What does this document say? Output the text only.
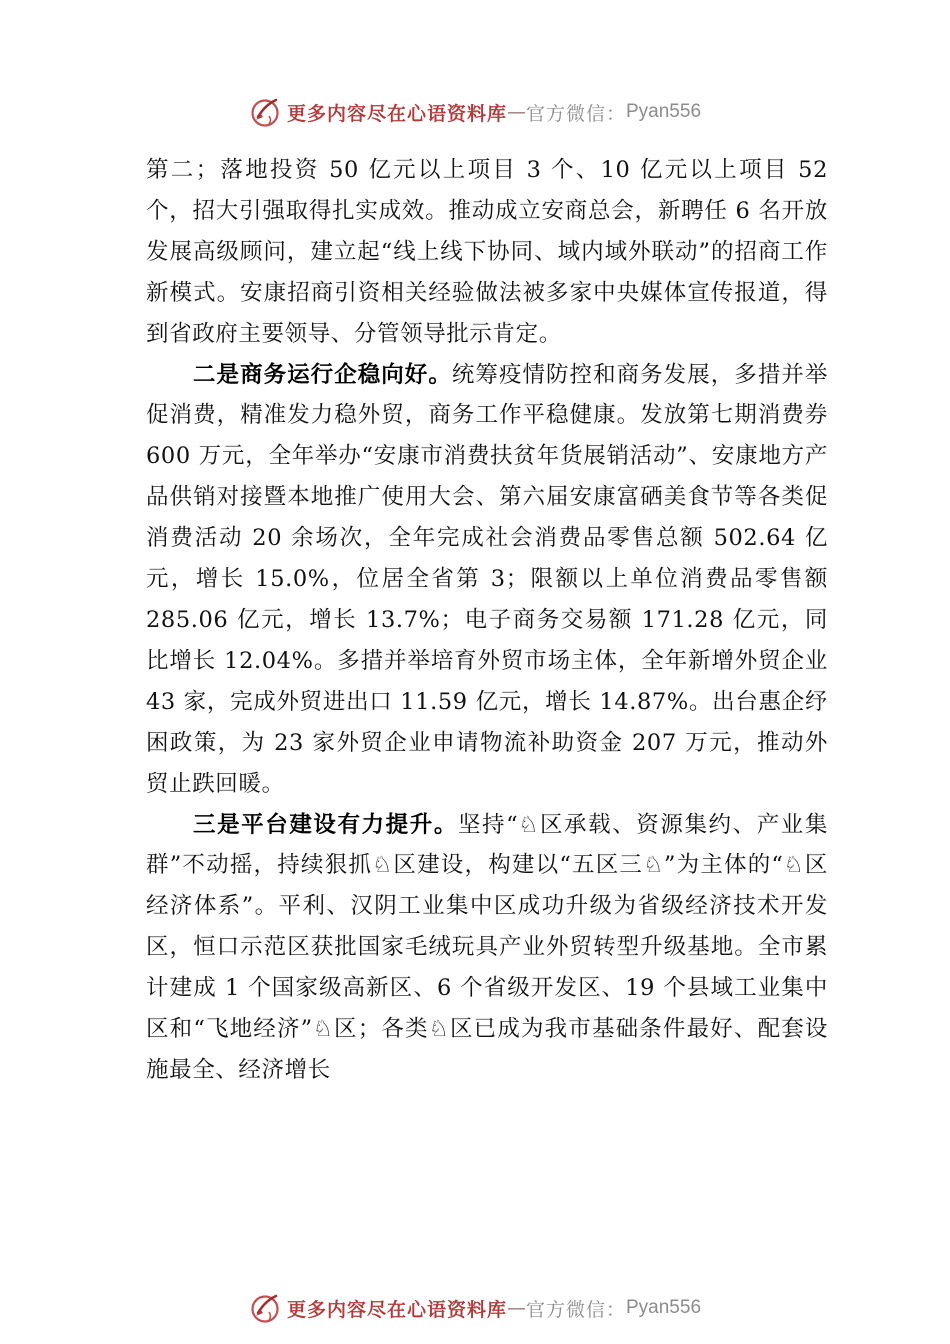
更多内容尽在心语资料库 — 官方微信： Pyan556

第二；落地投资 50 亿元以上项目 3 个、10 亿元以上项目 52 个，招大引强取得扎实成效。推动成立安商总会，新聘任 6 名开放发展高级顾问，建立起“线上线下协同、域内域外联动”的招商工作新模式。安康招商引资相关经验做法被多家中央媒体宣传报道，得到省政府主要领导、分管领导批示肯定。

二是商务运行企稳向好。统筹疫情防控和商务发展，多措并举促消费，精准发力稳外贸，商务工作平稳健康。发放第七期消费券 600 万元，全年举办“安康市消费扶贫年货展销活动”、安康地方产品供销对接暨本地推广使用大会、第六届安康富硒美食节等各类促消费活动 20 余场次，全年完成社会消费品零售总额 502.64 亿元，增长 15.0%，位居全省第 3；限额以上单位消费品零售额 285.06 亿元，增长 13.7%；电子商务交易额 171.28 亿元，同比增长 12.04%。多措并举培育外贸市场主体，全年新增外贸企业 43 家，完成外贸进出口 11.59 亿元，增长 14.87%。出台惠企纾困政策，为 23 家外贸企业申请物流补助资金 207 万元，推动外贸止跌回暖。

三是平台建设有力提升。坚持“♘区承载、资源集约、产业集群”不动摇，持续狠抓♘区建设，构建以“五区三♘”为主体的“♘区经济体系”。平利、汉阴工业集中区成功升级为省级经济技术开发区，恒口示范区获批国家毛绒玩具产业外贸转型升级基地。全市累计建成 1 个国家级高新区、6 个省级开发区、19 个县域工业集中区和“飞地经济”♘区；各类♘区已成为我市基础条件最好、配套设施最全、经济增长

更多内容尽在心语资料库 — 官方微信： Pyan556
